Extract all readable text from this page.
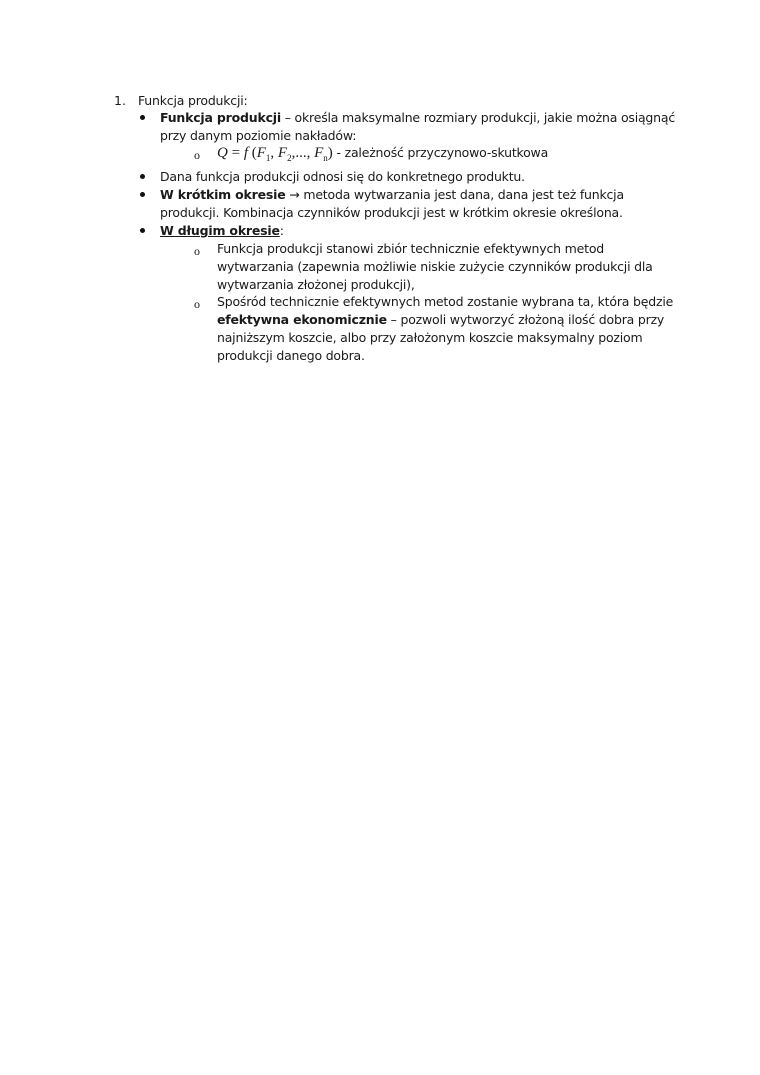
1. Funkcja produkcji:
Funkcja produkcji – określa maksymalne rozmiary produkcji, jakie można osiągnąć
przy danym poziomie nakładów:
o Q = f ($F_1$, $F_2$,..., $F_n$) - zależność przyczynowo-skutkowa
Dana funkcja produkcji odnosi się do konkretnego produktu.
W krótkim okresie → metoda wytwarzania jest dana, dana jest też funkcja
produkcji. Kombinacja czynników produkcji jest w krótkim okresie określona.
W długim okresie:
o Funkcja produkcji stanowi zbiór technicznie efektywnych metod
wytwarzania (zapewnia możliwie niskie zużycie czynników produkcji dla
wytwarzania złożonej produkcji),
o Spośród technicznie efektywnych metod zostanie wybrana ta, która będzie
efektywna ekonomicznie – pozwoli wytworzyć złożoną ilość dobra przy
najniższym koszcie, albo przy założonym koszcie maksymalny poziom
produkcji danego dobra.
